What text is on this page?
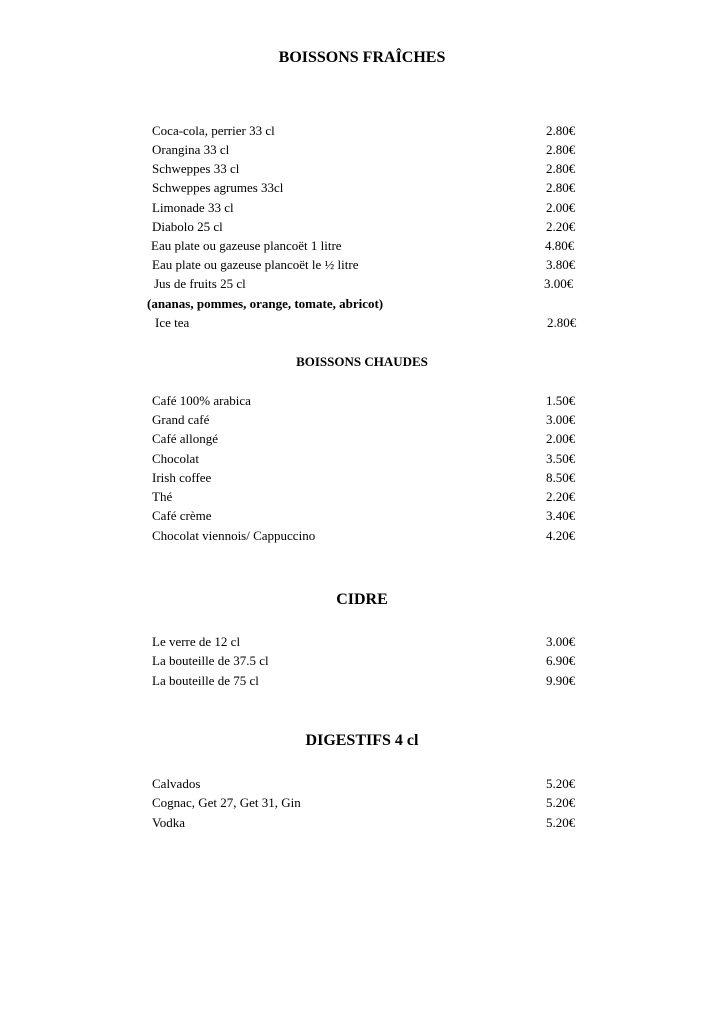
BOISSONS FRAÎCHES
Coca-cola, perrier 33 cl	2.80€
Orangina 33 cl	2.80€
Schweppes 33 cl	2.80€
Schweppes agrumes 33cl	2.80€
Limonade 33 cl	2.00€
Diabolo 25 cl	2.20€
Eau plate ou gazeuse plancoët 1 litre	4.80€
Eau plate ou gazeuse plancoët le ½ litre	3.80€
Jus de fruits 25 cl	3.00€
(ananas, pommes, orange, tomate, abricot)
Ice tea	2.80€
BOISSONS CHAUDES
Café 100% arabica	1.50€
Grand café	3.00€
Café allongé	2.00€
Chocolat	3.50€
Irish coffee	8.50€
Thé	2.20€
Café crème	3.40€
Chocolat viennois/ Cappuccino	4.20€
CIDRE
Le verre de 12 cl	3.00€
La bouteille de 37.5 cl	6.90€
La bouteille de 75 cl	9.90€
DIGESTIFS 4 cl
Calvados	5.20€
Cognac, Get 27, Get 31, Gin	5.20€
Vodka	5.20€
